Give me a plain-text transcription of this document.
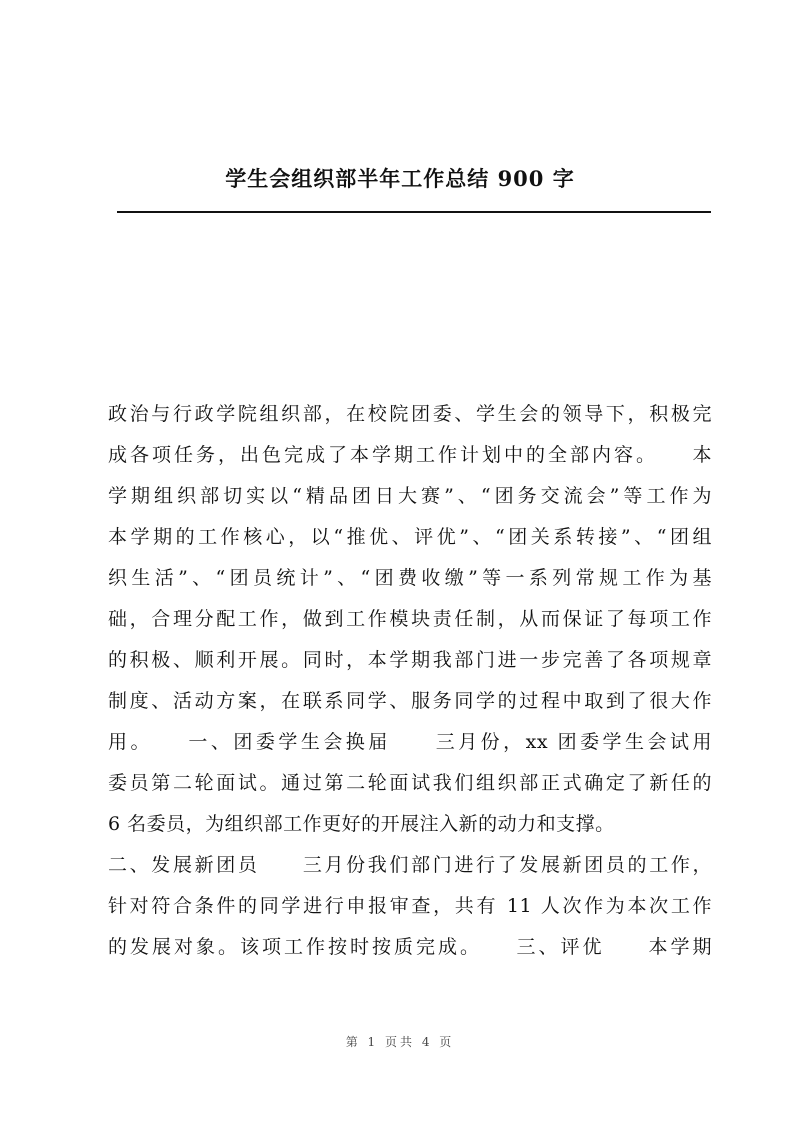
学生会组织部半年工作总结 900 字
政治与行政学院组织部，在校院团委、学生会的领导下，积极完
成各项任务，出色完成了本学期工作计划中的全部内容。　　本
学期组织部切实以“精品团日大赛”、“团务交流会”等工作为
本学期的工作核心，以“推优、评优”、“团关系转接”、“团组
织生活”、“团员统计”、“团费收缴”等一系列常规工作为基
础，合理分配工作，做到工作模块责任制，从而保证了每项工作
的积极、顺利开展。同时，本学期我部门进一步完善了各项规章
制度、活动方案，在联系同学、服务同学的过程中取到了很大作
用。　　一、团委学生会换届　　三月份，xx 团委学生会试用
委员第二轮面试。通过第二轮面试我们组织部正式确定了新任的
6 名委员，为组织部工作更好的开展注入新的动力和支撑。
二、发展新团员　　三月份我们部门进行了发展新团员的工作，
针对符合条件的同学进行申报审查，共有 11 人次作为本次工作
的发展对象。该项工作按时按质完成。　　三、评优　　本学期
第 1 页共 4 页
